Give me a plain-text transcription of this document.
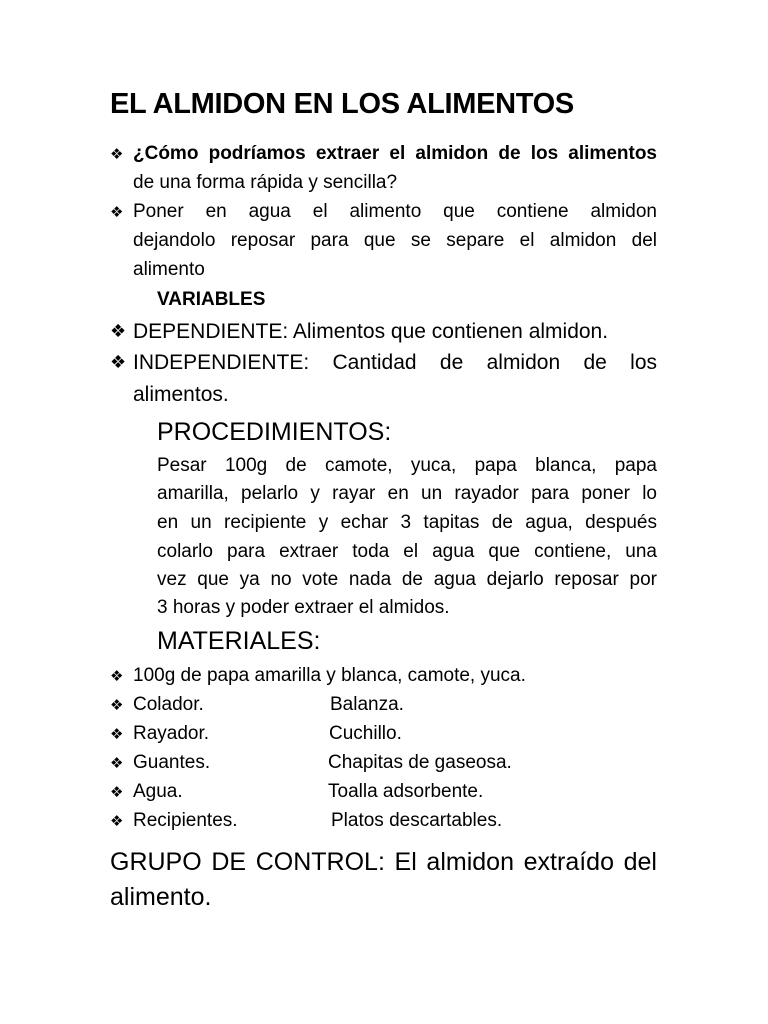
EL ALMIDON EN LOS ALIMENTOS
❖ ¿Cómo podríamos extraer el almidon de los alimentos
de una forma rápida y sencilla?
❖ Poner en agua el alimento que contiene almidon
dejandolo reposar para que se separe el almidon del
alimento
VARIABLES
❖ DEPENDIENTE: Alimentos que contienen almidon.
❖ INDEPENDIENTE: Cantidad de almidon de los
alimentos.
PROCEDIMIENTOS:
Pesar 100g de camote, yuca, papa blanca, papa
amarilla, pelarlo y rayar en un rayador para poner lo
en un recipiente y echar 3 tapitas de agua, después
colarlo para extraer toda el agua que contiene, una
vez que ya no vote nada de agua dejarlo reposar por
3 horas y poder extraer el almidos.
MATERIALES:
❖ 100g de papa amarilla y blanca, camote, yuca.
❖ Colador.	Balanza.
❖ Rayador.	Cuchillo.
❖ Guantes.	Chapitas de gaseosa.
❖ Agua.	Toalla adsorbente.
❖ Recipientes.	Platos descartables.
GRUPO DE CONTROL: El almidon extraído del
alimento.
